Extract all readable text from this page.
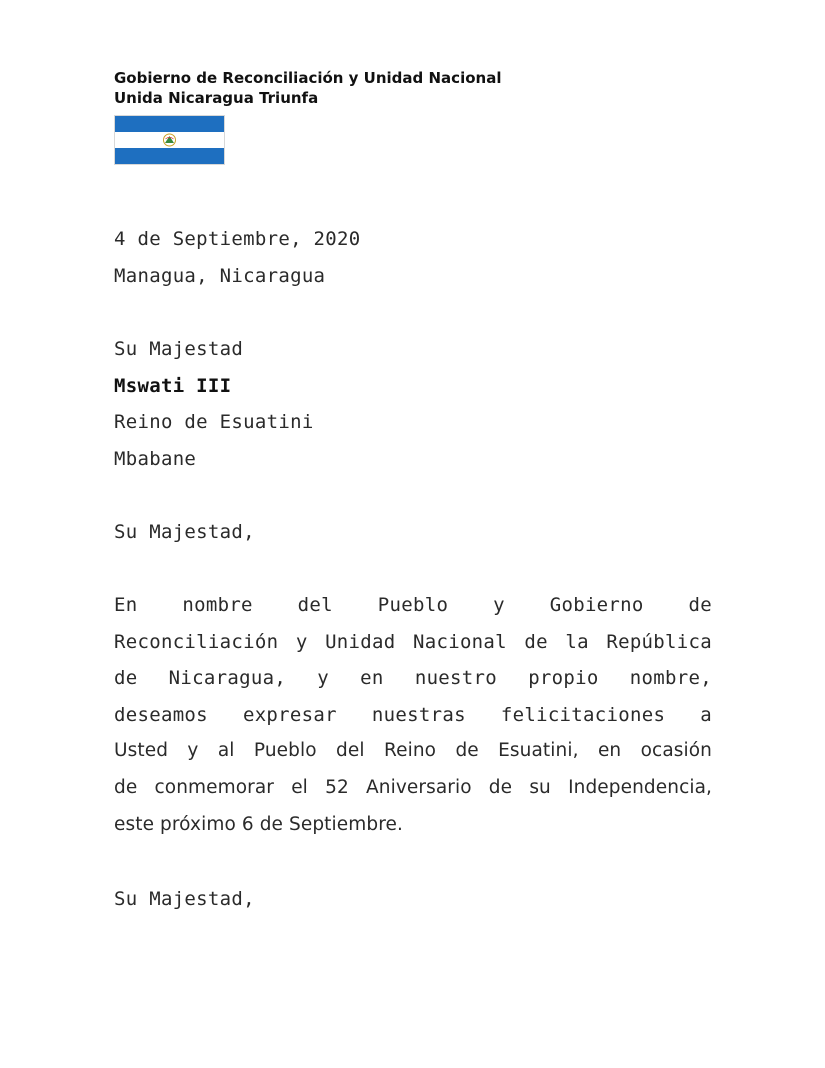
Gobierno de Reconciliación y Unidad Nacional
Unida Nicaragua Triunfa
4 de Septiembre, 2020
Managua, Nicaragua
Su Majestad
Mswati III
Reino de Esuatini
Mbabane
Su Majestad,
En nombre del Pueblo y Gobierno de
Reconciliación y Unidad Nacional de la República
de Nicaragua, y en nuestro propio nombre,
deseamos expresar nuestras felicitaciones a
Usted y al Pueblo del Reino de Esuatini, en ocasión
de conmemorar el 52 Aniversario de su Independencia,
este próximo 6 de Septiembre.
Su Majestad,
